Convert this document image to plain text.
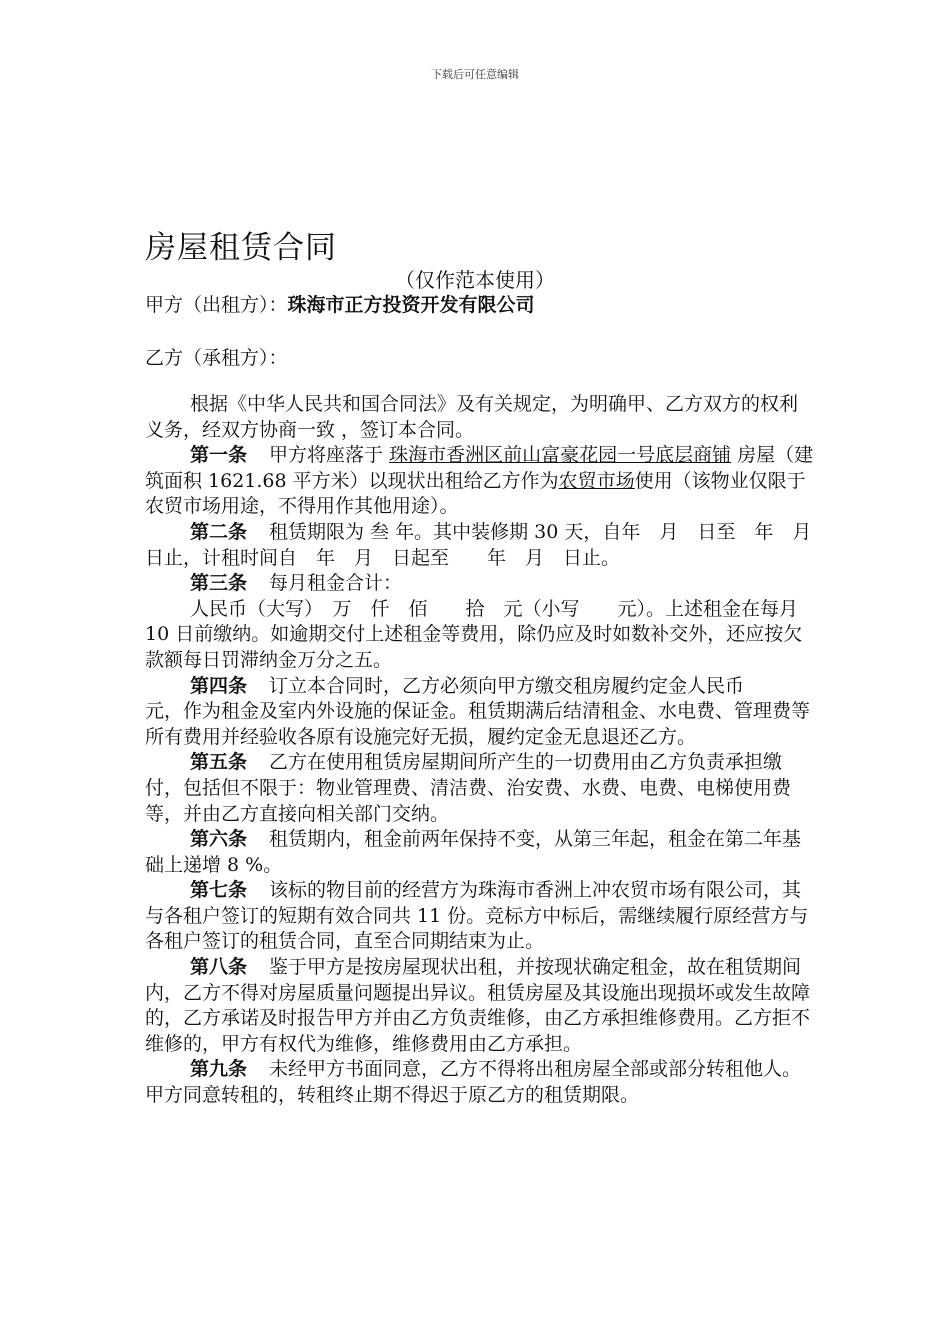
下载后可任意编辑
房屋租赁合同
（仅作范本使用）
甲方（出租方）：珠海市正方投资开发有限公司
乙方（承租方）：

根据《中华人民共和国合同法》及有关规定，为明确甲、乙方双方的权利义务，经双方协商一致 ，签订本合同。

第一条 甲方将座落于 珠海市香洲区前山富豪花园一号底层商铺 房屋（建筑面积 1621.68 平方米）以现状出租给乙方作为农贸市场使用（该物业仅限于农贸市场用途，不得用作其他用途）。

第二条 租赁期限为 叁 年。其中装修期 30 天，自年　月　日至　年　月　日止，计租时间自　年　月　日起至　　年　月　日止。

第三条 每月租金合计：

人民币（大写）　万　仟　佰　　拾　元（小写　　元）。上述租金在每月 10 日前缴纳。如逾期交付上述租金等费用，除仍应及时如数补交外，还应按欠款额每日罚滞纳金万分之五。

第四条 订立本合同时，乙方必须向甲方缴交租房履约定金人民币　　　　元，作为租金及室内外设施的保证金。租赁期满后结清租金、水电费、管理费等所有费用并经验收各原有设施完好无损，履约定金无息退还乙方。

第五条 乙方在使用租赁房屋期间所产生的一切费用由乙方负责承担缴付，包括但不限于：物业管理费、清洁费、治安费、水费、电费、电梯使用费等，并由乙方直接向相关部门交纳。

第六条 租赁期内，租金前两年保持不变，从第三年起，租金在第二年基础上递增 8 %。

第七条 该标的物目前的经营方为珠海市香洲上冲农贸市场有限公司，其与各租户签订的短期有效合同共 11 份。竞标方中标后，需继续履行原经营方与各租户签订的租赁合同，直至合同期结束为止。

第八条 鉴于甲方是按房屋现状出租，并按现状确定租金，故在租赁期间内，乙方不得对房屋质量问题提出异议。租赁房屋及其设施出现损坏或发生故障的，乙方承诺及时报告甲方并由乙方负责维修，由乙方承担维修费用。乙方拒不维修的，甲方有权代为维修，维修费用由乙方承担。

第九条 未经甲方书面同意，乙方不得将出租房屋全部或部分转租他人。甲方同意转租的，转租终止期不得迟于原乙方的租赁期限。
